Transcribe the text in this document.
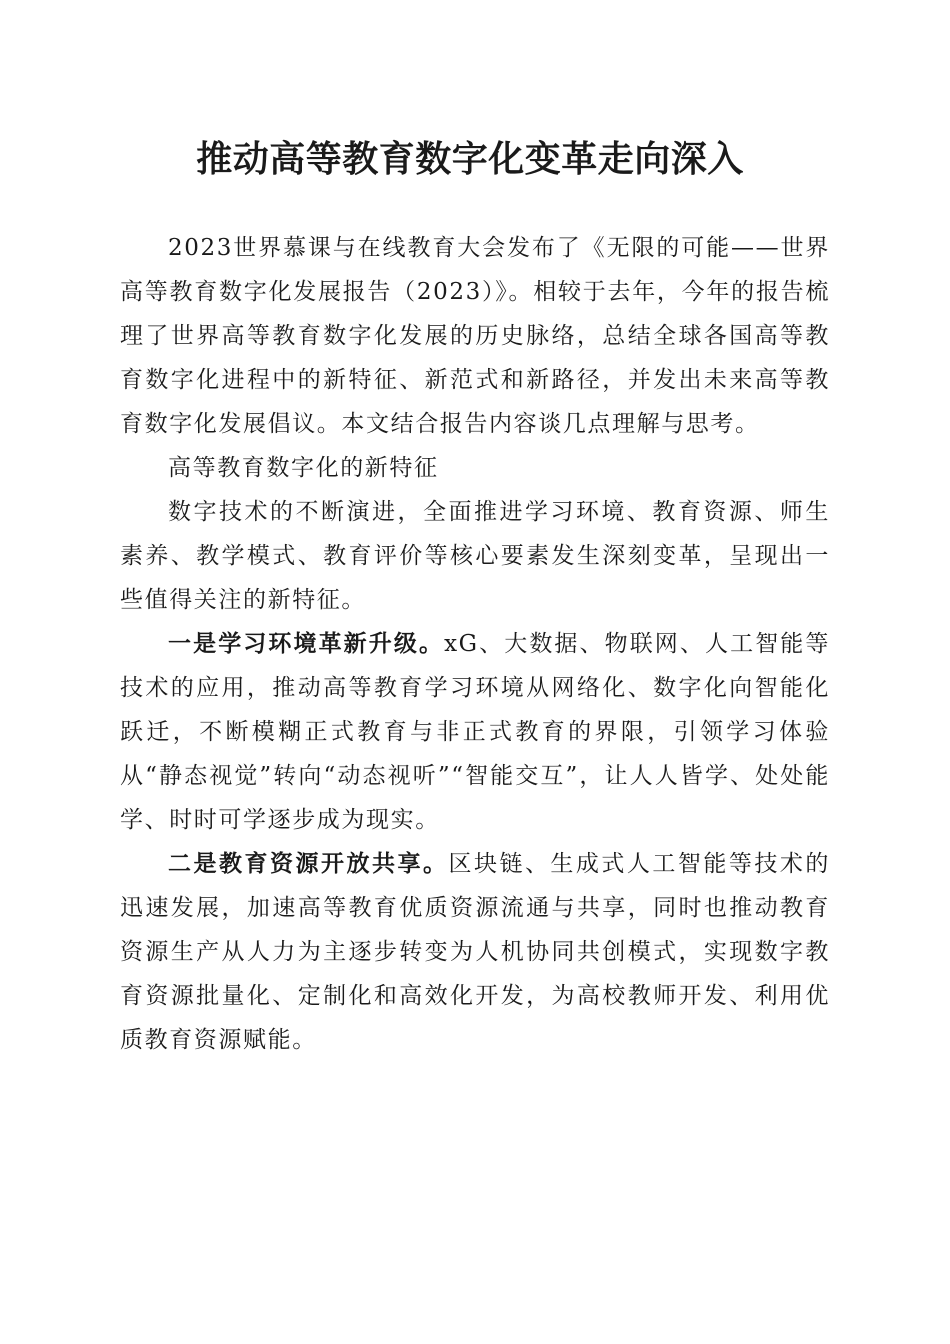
推动高等教育数字化变革走向深入

2023世界慕课与在线教育大会发布了《无限的可能——世界高等教育数字化发展报告（2023）》。相较于去年，今年的报告梳理了世界高等教育数字化发展的历史脉络，总结全球各国高等教育数字化进程中的新特征、新范式和新路径，并发出未来高等教育数字化发展倡议。本文结合报告内容谈几点理解与思考。

高等教育数字化的新特征

数字技术的不断演进，全面推进学习环境、教育资源、师生素养、教学模式、教育评价等核心要素发生深刻变革，呈现出一些值得关注的新特征。

一是学习环境革新升级。xG、大数据、物联网、人工智能等技术的应用，推动高等教育学习环境从网络化、数字化向智能化跃迁，不断模糊正式教育与非正式教育的界限，引领学习体验从“静态视觉”转向“动态视听”“智能交互”，让人人皆学、处处能学、时时可学逐步成为现实。

二是教育资源开放共享。区块链、生成式人工智能等技术的迅速发展，加速高等教育优质资源流通与共享，同时也推动教育资源生产从人力为主逐步转变为人机协同共创模式，实现数字教育资源批量化、定制化和高效化开发，为高校教师开发、利用优质教育资源赋能。
